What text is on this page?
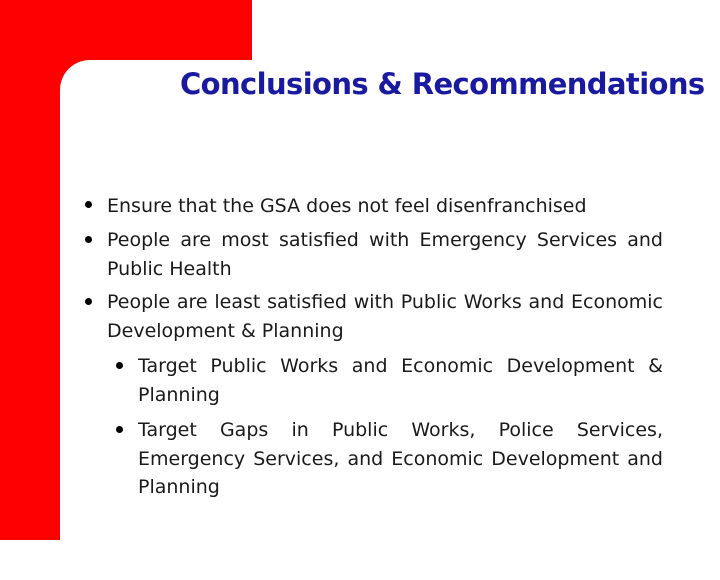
Conclusions & Recommendations
Ensure that the GSA does not feel disenfranchised
People are most satisfied with Emergency Services and Public Health
People are least satisfied with Public Works and Economic Development & Planning
Target Public Works and Economic Development & Planning
Target Gaps in Public Works, Police Services, Emergency Services, and Economic Development and Planning
